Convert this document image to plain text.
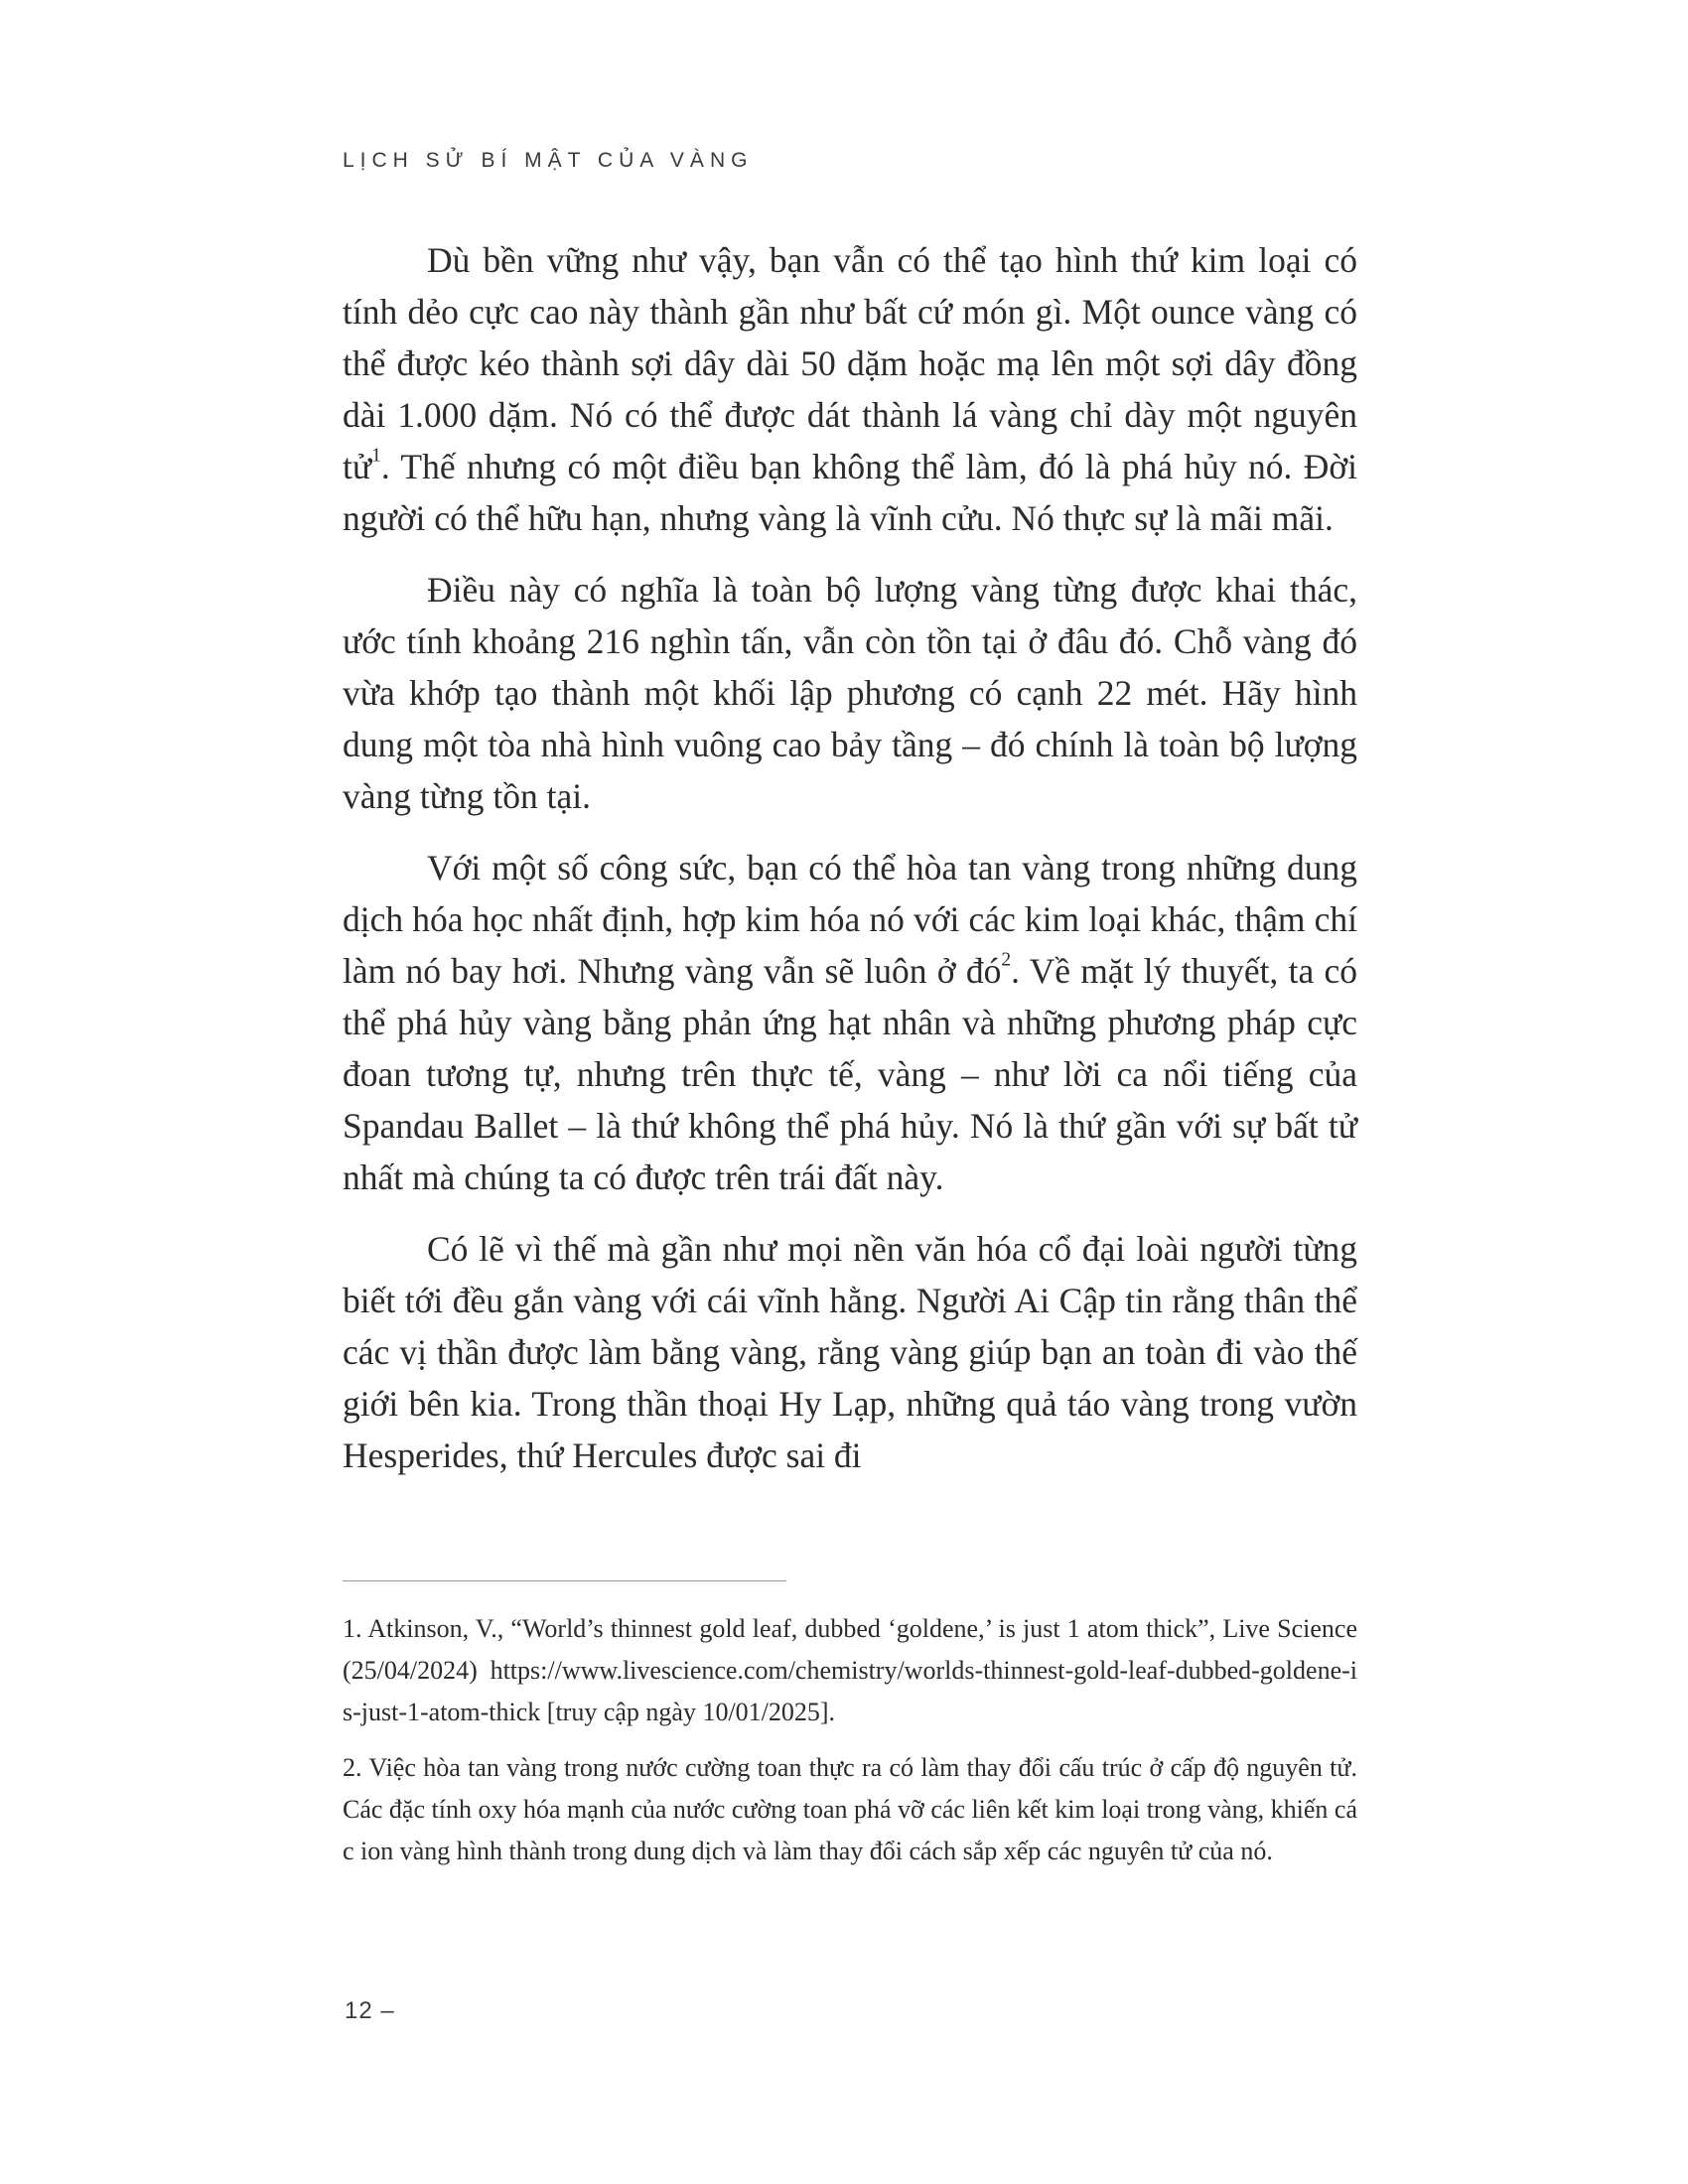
LỊCH SỬ BÍ MẬT CỦA VÀNG

Dù bền vững như vậy, bạn vẫn có thể tạo hình thứ kim loại có tính dẻo cực cao này thành gần như bất cứ món gì. Một ounce vàng có thể được kéo thành sợi dây dài 50 dặm hoặc mạ lên một sợi dây đồng dài 1.000 dặm. Nó có thể được dát thành lá vàng chỉ dày một nguyên tử$^1$. Thế nhưng có một điều bạn không thể làm, đó là phá hủy nó. Đời người có thể hữu hạn, nhưng vàng là vĩnh cửu. Nó thực sự là mãi mãi.

Điều này có nghĩa là toàn bộ lượng vàng từng được khai thác, ước tính khoảng 216 nghìn tấn, vẫn còn tồn tại ở đâu đó. Chỗ vàng đó vừa khớp tạo thành một khối lập phương có cạnh 22 mét. Hãy hình dung một tòa nhà hình vuông cao bảy tầng – đó chính là toàn bộ lượng vàng từng tồn tại.

Với một số công sức, bạn có thể hòa tan vàng trong những dung dịch hóa học nhất định, hợp kim hóa nó với các kim loại khác, thậm chí làm nó bay hơi. Nhưng vàng vẫn sẽ luôn ở $đó^2$. Về mặt lý thuyết, ta có thể phá hủy vàng bằng phản ứng hạt nhân và những phương pháp cực đoan tương tự, nhưng trên thực tế, vàng – như lời ca nổi tiếng của Spandau Ballet – là thứ không thể phá hủy. Nó là thứ gần với sự bất tử nhất mà chúng ta có được trên trái đất này.

Có lẽ vì thế mà gần như mọi nền văn hóa cổ đại loài người từng biết tới đều gắn vàng với cái vĩnh hằng. Người Ai Cập tin rằng thân thể các vị thần được làm bằng vàng, rằng vàng giúp bạn an toàn đi vào thế giới bên kia. Trong thần thoại Hy Lạp, những quả táo vàng trong vườn Hesperides, thứ Hercules được sai đi

1. Atkinson, V., “World’s thinnest gold leaf, dubbed ‘goldene,’ is just 1 atom thick”, Live Science (25/04/2024) https://www.livescience.com/chemistry/worlds-thinnest-gold-leaf-dubbed-goldene-is-just-1-atom-thick [truy cập ngày 10/01/2025].

2. Việc hòa tan vàng trong nước cường toan thực ra có làm thay đổi cấu trúc ở cấp độ nguyên tử. Các đặc tính oxy hóa mạnh của nước cường toan phá vỡ các liên kết kim loại trong vàng, khiến các ion vàng hình thành trong dung dịch và làm thay đổi cách sắp xếp các nguyên tử của nó.

12 –
